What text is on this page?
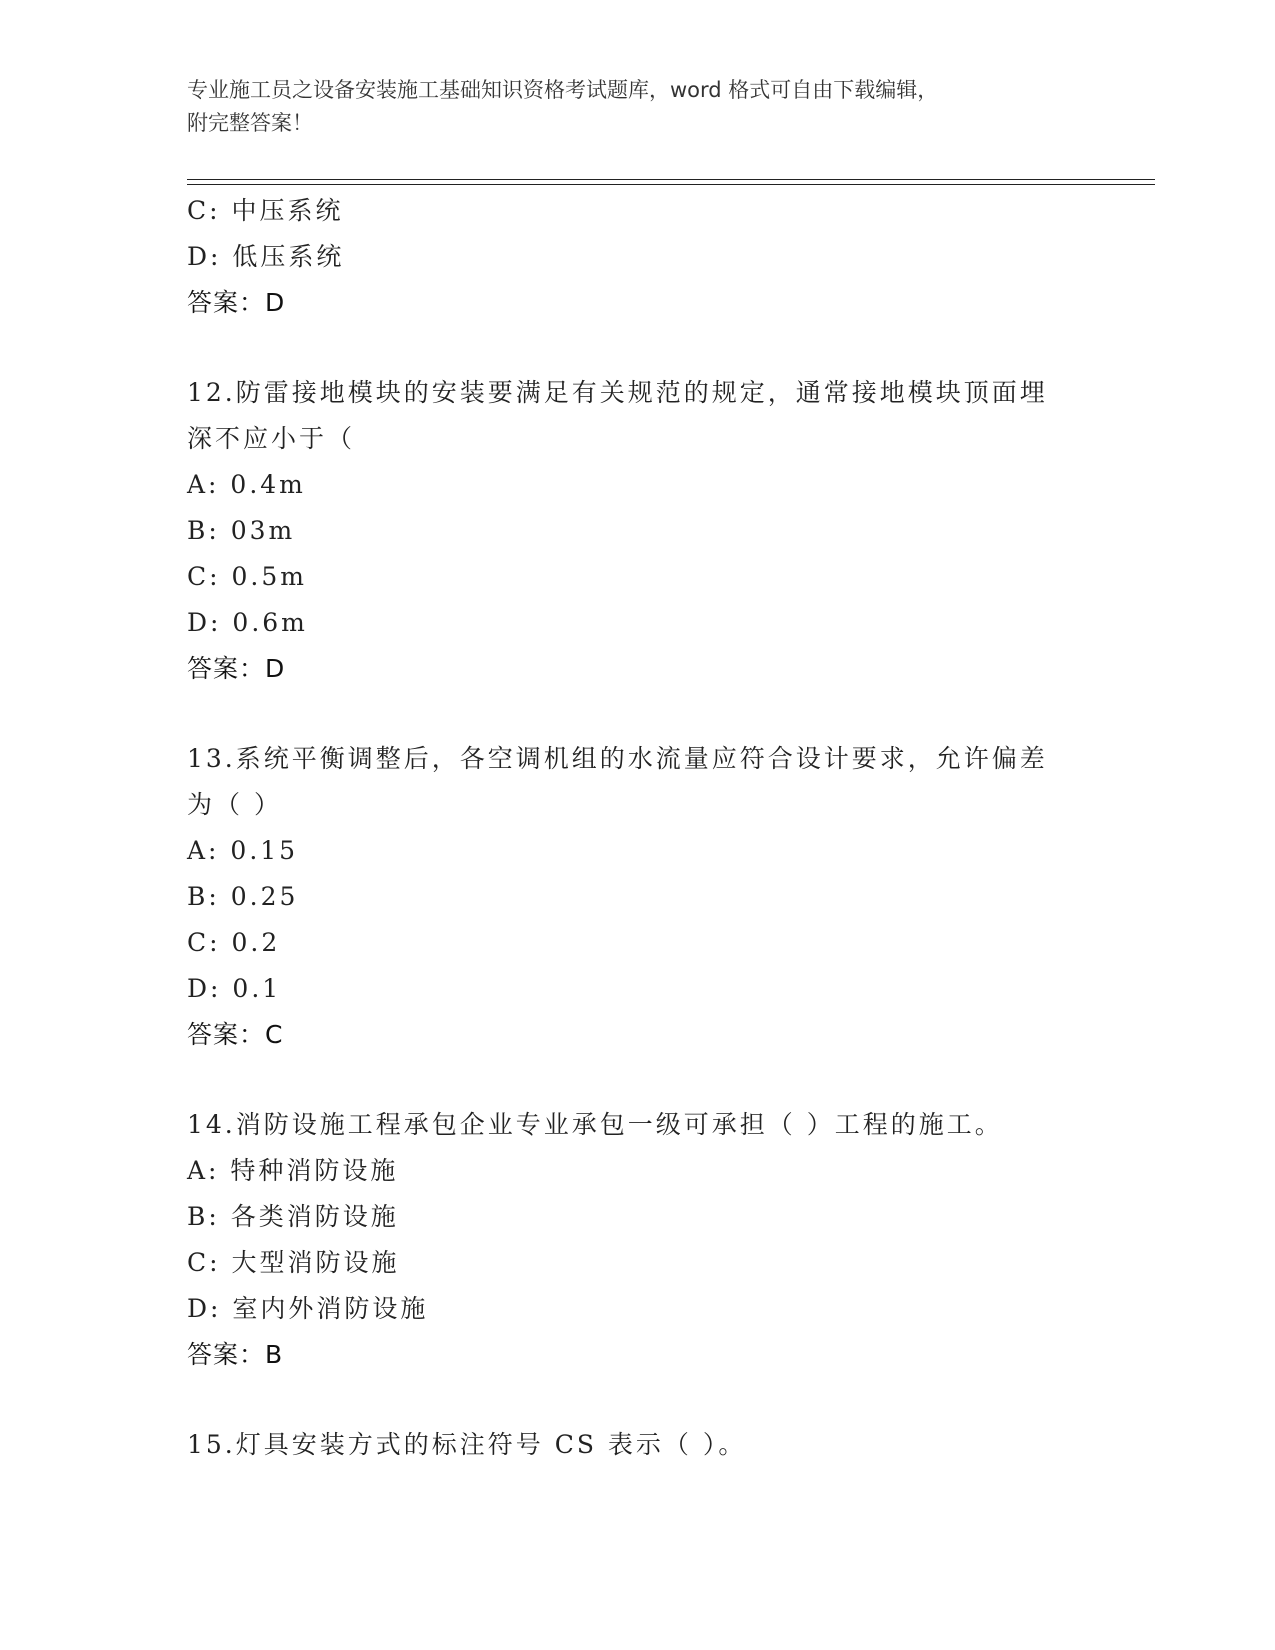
专业施工员之设备安装施工基础知识资格考试题库，word 格式可自由下载编辑，
附完整答案！
C: 中压系统
D: 低压系统
答案：D
12.防雷接地模块的安装要满足有关规范的规定，通常接地模块顶面埋
深不应小于（
A: 0.4m
B: 03m
C: 0.5m
D: 0.6m
答案：D
13.系统平衡调整后，各空调机组的水流量应符合设计要求，允许偏差
为（ ）
A: 0.15
B: 0.25
C: 0.2
D: 0.1
答案：C
14.消防设施工程承包企业专业承包一级可承担（ ）工程的施工。
A: 特种消防设施
B: 各类消防设施
C: 大型消防设施
D: 室内外消防设施
答案：B
15.灯具安装方式的标注符号 CS 表示（ ）。
